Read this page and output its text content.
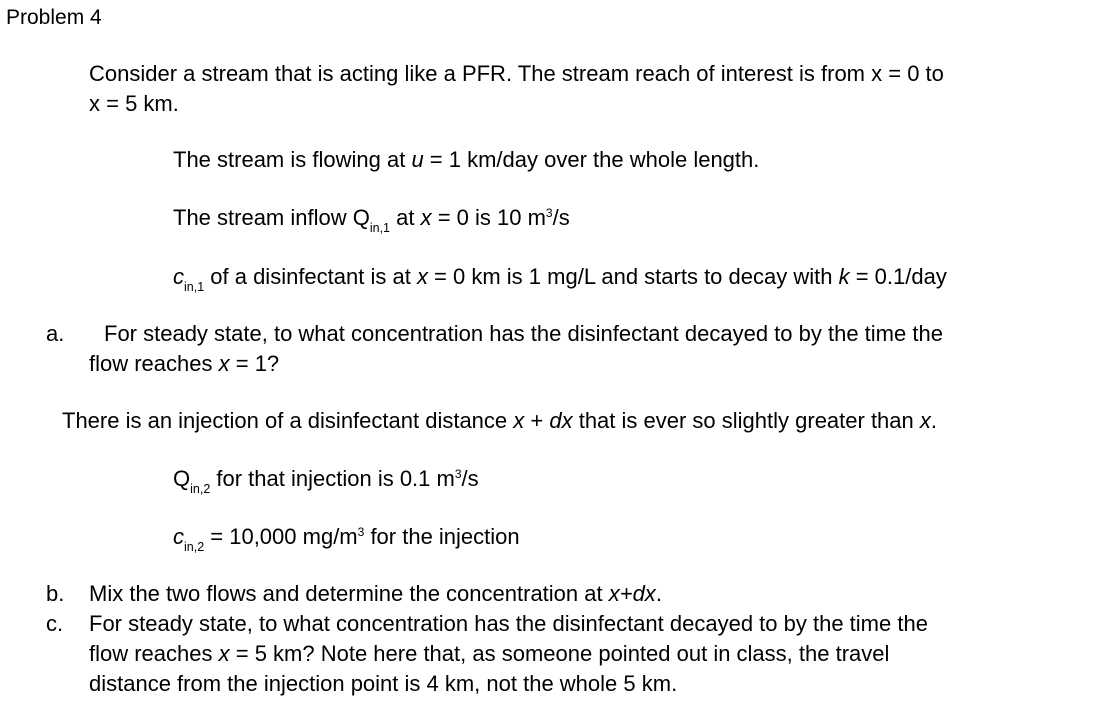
Problem 4

Consider a stream that is acting like a PFR. The stream reach of interest is from x = 0 to

x = 5 km.

The stream is flowing at u = 1 km/day over the whole length.

The stream inflow $Q_{in,1}$ at x = 0 is 10 $m^3/s$

$c_{in,1}$ of a disinfectant is at x = 0 km is 1 mg/L and starts to decay with k = 0.1/day

a. For steady state, to what concentration has the disinfectant decayed to by the time the

flow reaches x = 1?

There is an injection of a disinfectant distance x + dx that is ever so slightly greater than x.

$Q_{in,2}$ for that injection is 0.1 $m^3/s$

$c_{in,2} = 10,000$ $mg/m^3$ for the injection

b. Mix the two flows and determine the concentration at x+dx.

c. For steady state, to what concentration has the disinfectant decayed to by the time the

flow reaches x = 5 km? Note here that, as someone pointed out in class, the travel

distance from the injection point is 4 km, not the whole 5 km.
